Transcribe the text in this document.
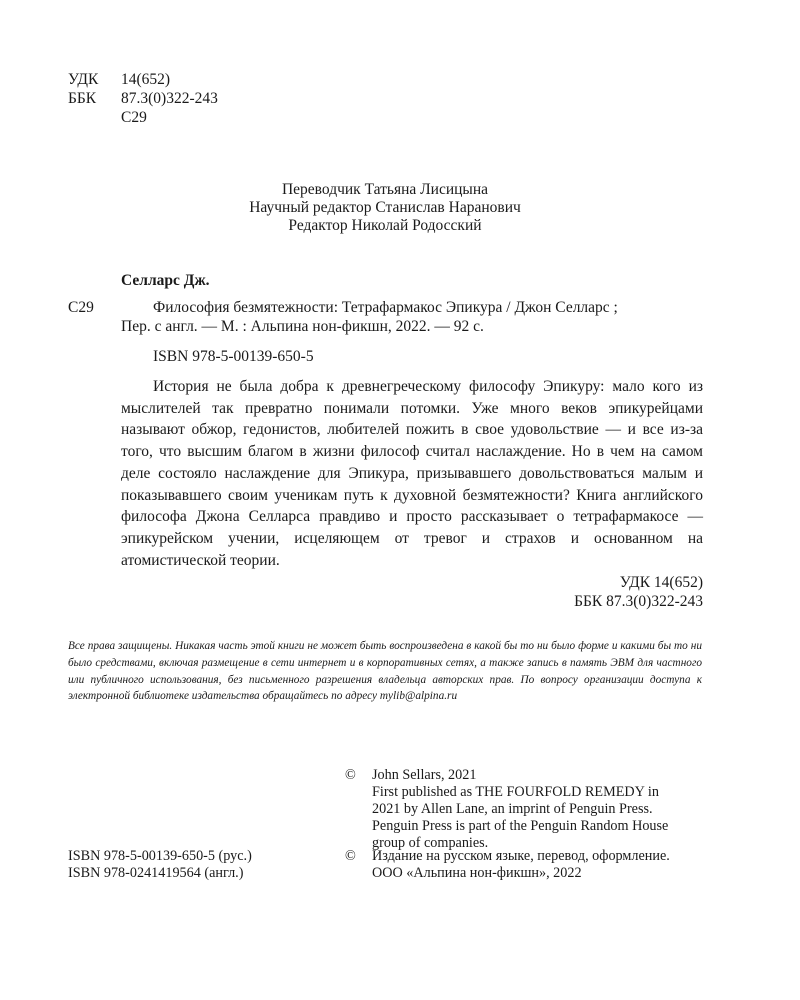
УДК 14(652)
ББК 87.3(0)322-243
С29
Переводчик Татьяна Лисицына
Научный редактор Станислав Наранович
Редактор Николай Родосский
Селларс Дж.
С29	Философия безмятежности: Тетрафармакос Эпикура / Джон Селларс ;
Пер. с англ. — М. : Альпина нон-фикшн, 2022. — 92 с.
ISBN 978-5-00139-650-5
История не была добра к древнегреческому философу Эпикуру: мало кого из мыслителей так превратно понимали потомки. Уже много веков эпикурейцами называют обжор, гедонистов, любителей пожить в свое удовольствие — и все из-за того, что высшим благом в жизни философ считал наслаждение. Но в чем на самом деле состояло наслаждение для Эпикура, призывавшего довольствоваться малым и показывавшего своим ученикам путь к духовной безмятежности? Книга английского философа Джона Селларса правдиво и просто рассказывает о тетрафармакосе — эпикурейском учении, исцеляющем от тревог и страхов и основанном на атомистической теории.
УДК 14(652)
ББК 87.3(0)322-243
Все права защищены. Никакая часть этой книги не может быть воспроизведена в какой бы то ни было форме и какими бы то ни было средствами, включая размещение в сети интернет и в корпоративных сетях, а также запись в память ЭВМ для частного или публичного использования, без письменного разрешения владельца авторских прав. По вопросу организации доступа к электронной библиотеке издательства обращайтесь по адресу mylib@alpina.ru
© John Sellars, 2021
First published as THE FOURFOLD REMEDY in
2021 by Allen Lane, an imprint of Penguin Press.
Penguin Press is part of the Penguin Random House
group of companies.
© Издание на русском языке, перевод, оформление.
ООО «Альпина нон-фикшн», 2022
ISBN 978-5-00139-650-5 (рус.)
ISBN 978-0241419564 (англ.)
